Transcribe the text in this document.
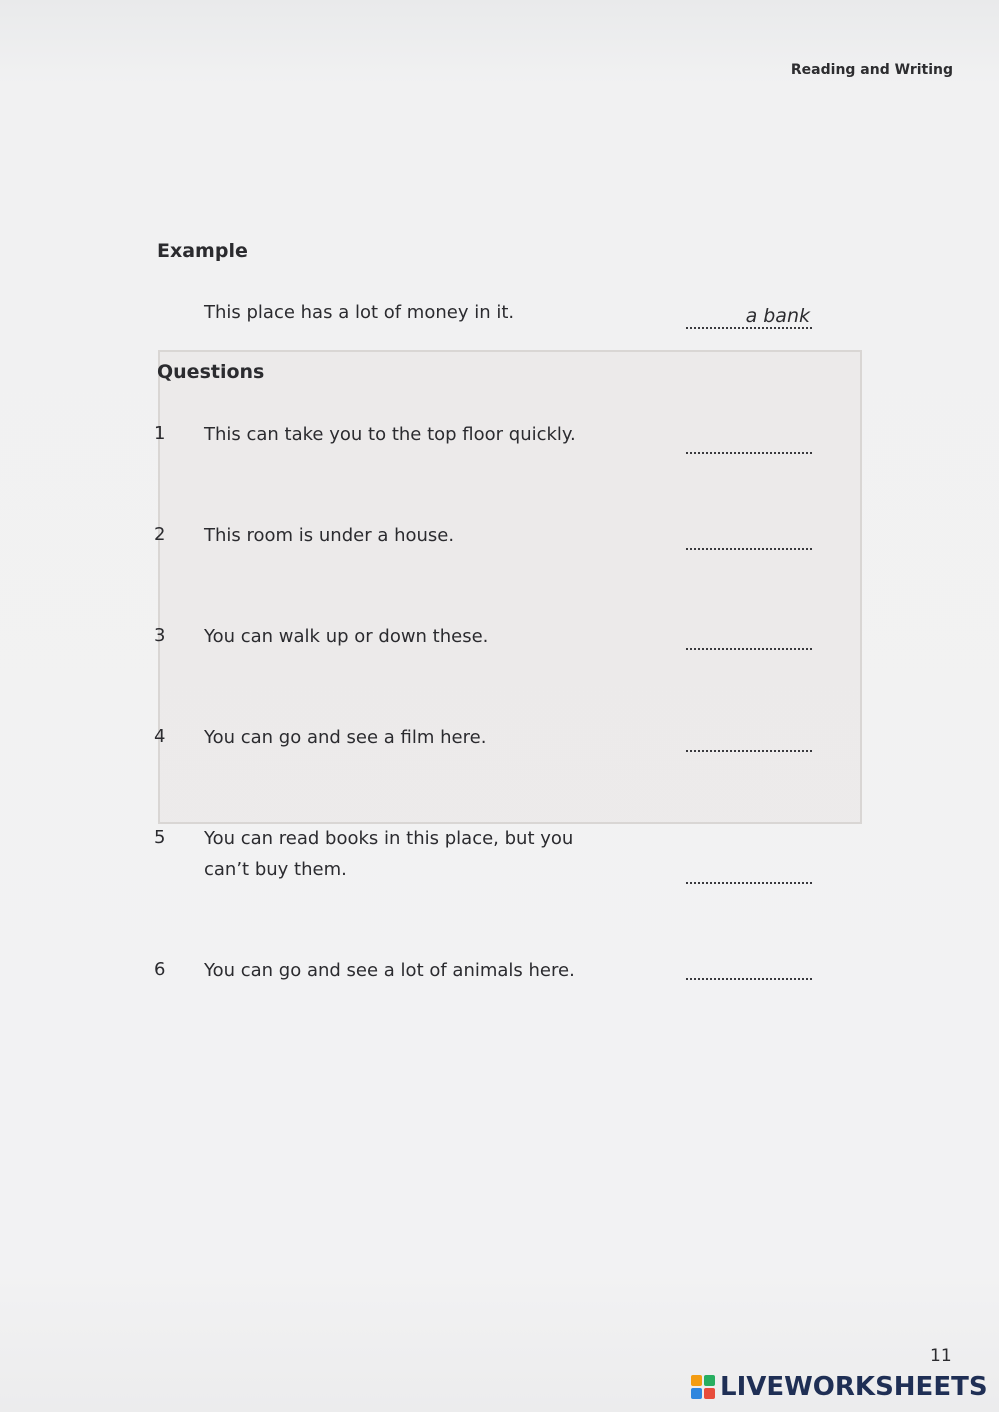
Reading and Writing
Example
This place has a lot of money in it.	a bank
Questions
1 This can take you to the top floor quickly.
2 This room is under a house.
3 You can walk up or down these.
4 You can go and see a film here.
5 You can read books in this place, but you can’t buy them.
6 You can go and see a lot of animals here.
11
LIVEWORKSHEETS
